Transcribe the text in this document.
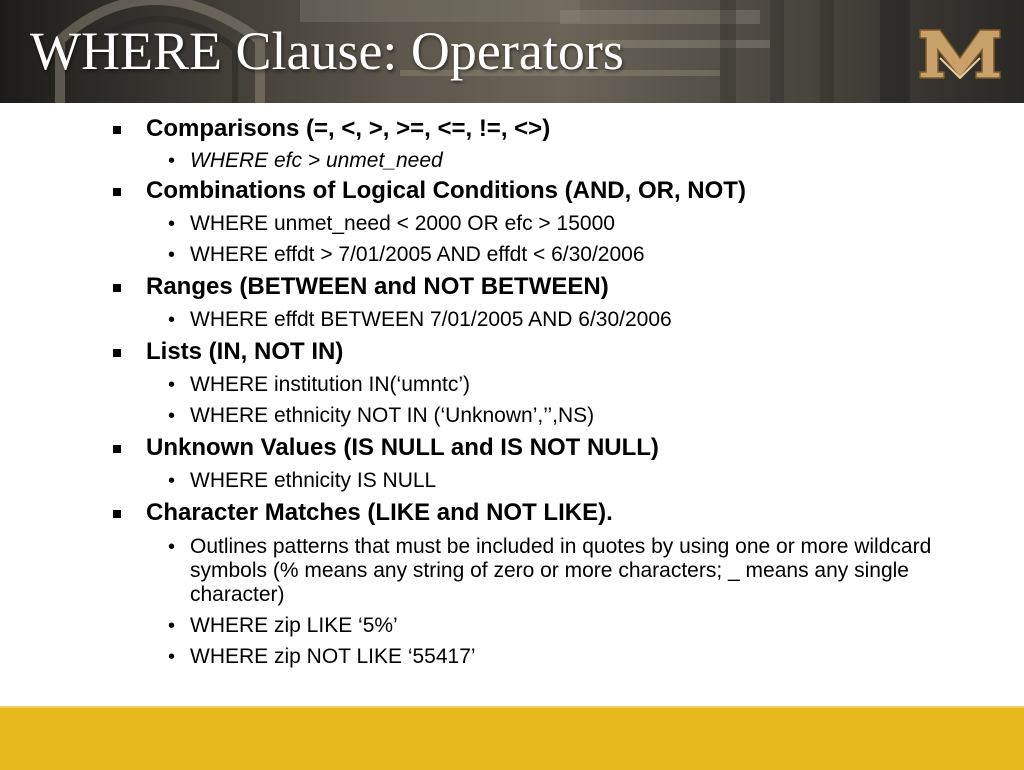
WHERE Clause: Operators
Comparisons (=, <, >, >=, <=, !=, <>)
• WHERE efc > unmet_need
Combinations of Logical Conditions (AND, OR, NOT)
• WHERE unmet_need < 2000 OR efc > 15000
• WHERE effdt > 7/01/2005 AND effdt < 6/30/2006
Ranges (BETWEEN and NOT BETWEEN)
• WHERE effdt BETWEEN 7/01/2005 AND 6/30/2006
Lists (IN, NOT IN)
• WHERE institution IN(‘umntc’)
• WHERE ethnicity NOT IN (‘Unknown’,’’,NS)
Unknown Values (IS NULL and IS NOT NULL)
• WHERE ethnicity IS NULL
Character Matches (LIKE and NOT LIKE).
• Outlines patterns that must be included in quotes by using one or more wildcard symbols (% means any string of zero or more characters; _ means any single character)
• WHERE zip LIKE ‘5%’
• WHERE zip NOT LIKE ‘55417’
